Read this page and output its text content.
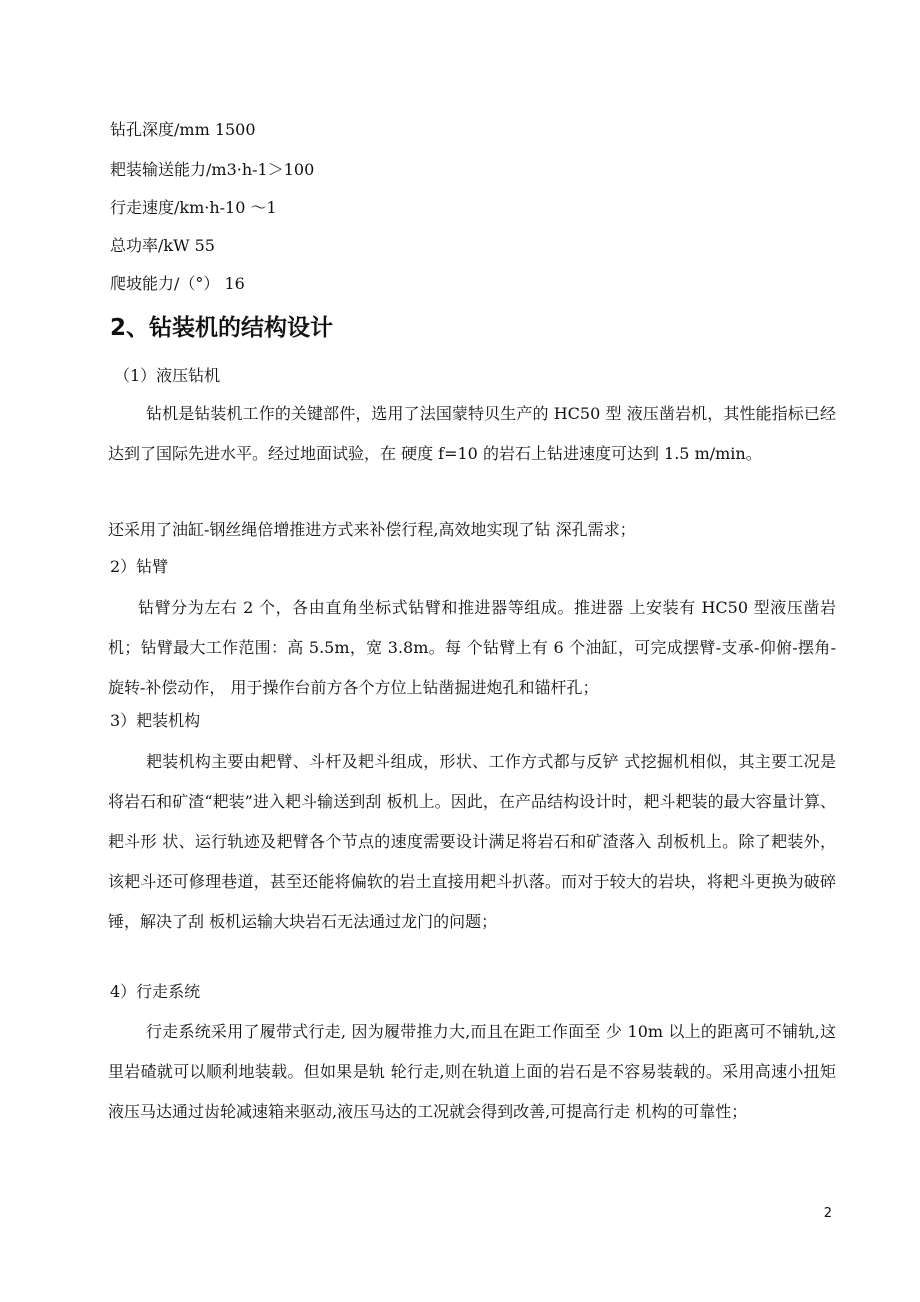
钻孔深度/mm 1500
耙装输送能力/m3·h-1＞100
行走速度/km·h-10 ～1
总功率/kW 55
爬坡能力/（°） 16
2、钻装机的结构设计
（1）液压钻机
钻机是钻装机工作的关键部件，选用了法国蒙特贝生产的 HC50 型 液压凿岩机，其性能指标已经达到了国际先进水平。经过地面试验，在 硬度 f=10 的岩石上钻进速度可达到 1.5 m/min。
还采用了油缸-钢丝绳倍增推进方式来补偿行程,高效地实现了钻 深孔需求；
2）钻臂
钻臂分为左右 2 个，各由直角坐标式钻臂和推进器等组成。推进器 上安装有 HC50 型液压凿岩机；钻臂最大工作范围：高 5.5m，宽 3.8m。每 个钻臂上有 6 个油缸，可完成摆臂-支承-仰俯-摆角-旋转-补偿动作， 用于操作台前方各个方位上钻凿掘进炮孔和锚杆孔；
3）耙装机构
耙装机构主要由耙臂、斗杆及耙斗组成，形状、工作方式都与反铲 式挖掘机相似，其主要工况是将岩石和矿渣“耙装”进入耙斗输送到刮 板机上。因此，在产品结构设计时，耙斗耙装的最大容量计算、耙斗形 状、运行轨迹及耙臂各个节点的速度需要设计满足将岩石和矿渣落入 刮板机上。除了耙装外，该耙斗还可修理巷道，甚至还能将偏软的岩土直接用耙斗扒落。而对于较大的岩块，将耙斗更换为破碎锤，解决了刮 板机运输大块岩石无法通过龙门的问题；
4）行走系统
行走系统采用了履带式行走, 因为履带推力大,而且在距工作面至 少 10m 以上的距离可不铺轨,这里岩碴就可以顺利地装载。但如果是轨 轮行走,则在轨道上面的岩石是不容易装载的。采用高速小扭矩液压马达通过齿轮减速箱来驱动,液压马达的工况就会得到改善,可提高行走 机构的可靠性；
2
